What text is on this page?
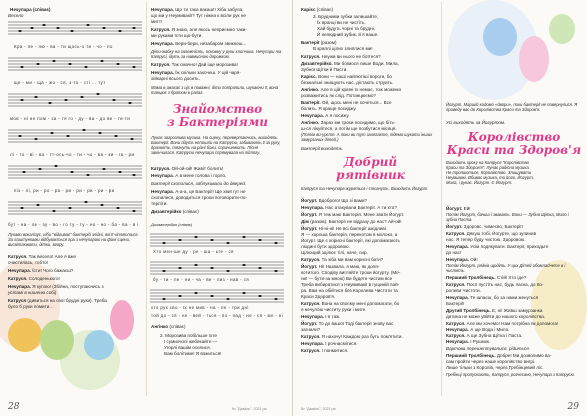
Нечупара (співає)
Весело
Кра - пе - лю - ва - ти щось-о ти - чо - по
ще - ми - ща - жо - ся, з-то - сті ... тут
мов - ні не пом - за - тя го - ду - ва - до ве - ти-ти
лі - то - ві - ва - тт-ось-чо - ти - чо - ва - ки - га - ри
піз - лі, ри - ро - ра - ри - ри - ри - ри - ри
бут - на - ле - зу - во - го ту - ту - но - но - ба - ва - в і
Лукаво вокалізує, ніби "відгиває" бактерій злідні, які її чіпляються. За лаштунками відбувається гра з нечупарою на фоні сцени, висвітлювати, дітки, вгору.
Катруся. Так весело! Але я вже
очистилась, тобто!
Нечупара. Їсти! Чого бажаєш?
Катруся. Солоденького!
Нечупара. Я купою! (Збійна, поступаючись з
устамі в кишеню собі)
Катруся (дивиться на свої брудні руки). Треба
було б руки помити...
Нечупара. Що ти така вакаш!! Хіба забула,
що ми у Неумивакії? Тут ніжна к всіли рук не
митт!
Катруся. Я знаю, але якось неприємно таки-
ми руками їсти що-бути.
Нечупара. Бери-бери, незабаром звикнеш...
Діти-жабку на залежність, основну у руки хлопчика. Нечупари та Катрусі, ідуть за навмисною дорожкою.
Катруся. Так смачно! Дай іще морозива!
Нечупара. Їж скільки захочеш. У цій чаря-
хійкарні всього досить.
Мама в змахає з ціс в поважні, діти потрапили, шукаючи її, вона танцює з братом в рапаг.
Знайомство
з Бактеріями
Лунає загрозлива музика. На сцену, перевертаючись, виходять Бактерії. Вони йдуть непошли на Катрусю, забивають її за руку, дразнять, тягнуть на різні боки, спричиняють. Пісня закінчилася. Катрусю Нечупара спрямувала на підлогу.
Катруся. Ой-ой-ой! Живіт болить!
Нечупара. А в мене голова і горло.
Бактерії схопилися, заблукивали до дверей.
Нечупара. А-а-а, це Бактерії! Ще хвиї гут не
схопилися, доводиться трохи поговорити-по-
терпіти.
Дизавтерійко (співає)
Дизавтерійко (співає)
Хто мен-ше ду - ре - ша - ьте - ся
бу - ти - ле - ни - ча - ве - лиз - нав - ся
хто рук сво - їх не мив - на - ле - три дні
той до - ся - не - вей - ться - по - пад - не - ся - ме - ні
Ангінко (співає)
2. Морозива побільше їхте
І сумихчолі жебекайте —
Угорлі вашім оселися.
Вам болітиме! Я вожиться!
28	№ "Джміль", 2021 рік
Карієс (співає)
3. Брудними зубки залишайте,
Їх вранці ви не чистіть,
Хай будуть чорні та брудні,
Й нелюдний зубик, й я ваше.
Бактерії (разом)
В краплі цілих злиплися ми!
Катруся. Неужи ви нього не боїтеся?
Дизавтерійко. Ми боїмося лише Води, Мила,
Зубної Щітки й Пасти.
Карієс. Вони — наші найлютіші вороги, бо
безжальні знищують нас, дістають струить.
Ангінко. Але в цій країні їх немає, тож можемо
розважитись як слід. Потанцюємо?
Бактерії. Ой, щось мені не хочеться... Все
болить. Я краще посиджу.
Нечупара. А я посижу.
Ангінко. Зараз ми трохи посидимо, що біть-
ш-ся лікуйтеся, а потім ще позбутися місяця.
(Потім ви-урєте. А поки ви тут залягаєте, підемо шукати інших замурзаних дітей.)
Бактерії виходять.
Добрий
рятівник
Катруся та Нечупара журяться і стогнуть. Виходить Йогурт.
Йогурт. Вдоброго! Що зі вами?
Нечупара. Нас атакували Бактерії. А ти хто?
Йогурт. Я теж маю Бактерія. Мене звати Йогурт.
Дім (разом). Бактерії не відразу до нас? Ай-ой!
Йогурт. Ні-ні-ні! Не всі бактерії шкідливі.
Я — хороша бактерія, перекотом в молоко, а
Йогурт. Ще є корисні бактерії, які допомагають
людині бути здоровою.
Цілющий зцілює тілі, наче, сир.
Катруся. Та хіба ми вам корисні бати?
Йогурт. Ні! Назвала, я маю, як доля-
котитого. Сподіву вигляйте трохи йогурту. (Ме-
ни! — бути-за мною) Ви будете чистим все
Треба вибиратися з Неумивакії в гущиній пай-
ра. Вам на обійтися без Королева Чистоти та
Краси Здоров'я.
Катруся. Вона на своєму мені допомагати, бо
я нечулою чиститу руки і мите.
Нечупара. І я таж.
Йогурт. То до вашої Тоді бактерії знову вас
загнали?
Катруся. Я нахочу! Каждою раз буть пом'ятити.
Нечупара. І рочнасмітися.
Катруся. І понмитися.
Йогурт. Маршій кодомо «двори», поки бактерії не повернулися. Я проведу вас до Королівства Краси та Здоров'я.
Усі виходять за Йогуртом.
Королівство
Краси та Здоров'я
Виходить кроку на Катруся "Королівство Краси та Здоров'я". Лунає радісна музика. Не тропиються, Королівство. Злищувати Неумивакі. Вбиває музика, то його, Йогурт, Мила, і рукає. Йогурт. Є Йогурт.
Йогурт. Ей!
Потім Йогурт, бачиш і звавить. Вони — Зубна Щітка, Мило і зубна Паста.
Йогурт. Здоровс, чимесво, Бактерії!
Катруся. Дякую тобі, Йогурте, що зупинив
нас. Я тепер буду чистою. Здоровою.
Нечупара. Усім подякувати. Бактерії, приходьте
до нас!
Нечупара. Ой!
Потім Йогурт, рядків щодіть. У цих Дітей обомлайчете в і чистять.
Першиий Тролбінець. Стій! Хто іде?
Катруся. Посп пустіть нас, будь ласка, до Ко-
ролеви Чистоти.
Нечупара. Те шпаєш, бо за нами женуться
Бактерії!
Другий Тролбінець. Е, ні! Живш замурзанка
дитина не може увійти до нашого королівства.
Катруся. Але ми хочемо! Нам потрібна їм допомога!
Нечупара. А ще Вода і Мило.
Катруся. А ще Зубна Щітка і Паста.
Нечупара. І Рушник.
Вартова перешептувалися, рідиться.
Першиий Тролбінець. Добре! Ми дозволимо ва-
сам пройти через наше королівство вигрі.
Лише тільки з Королів, через Гребінцевий ліс.
Гребінці пропускають, Катруся, розчесано, Нечупара з Катрусю.
№ "Джміль", 2021 рік	29
